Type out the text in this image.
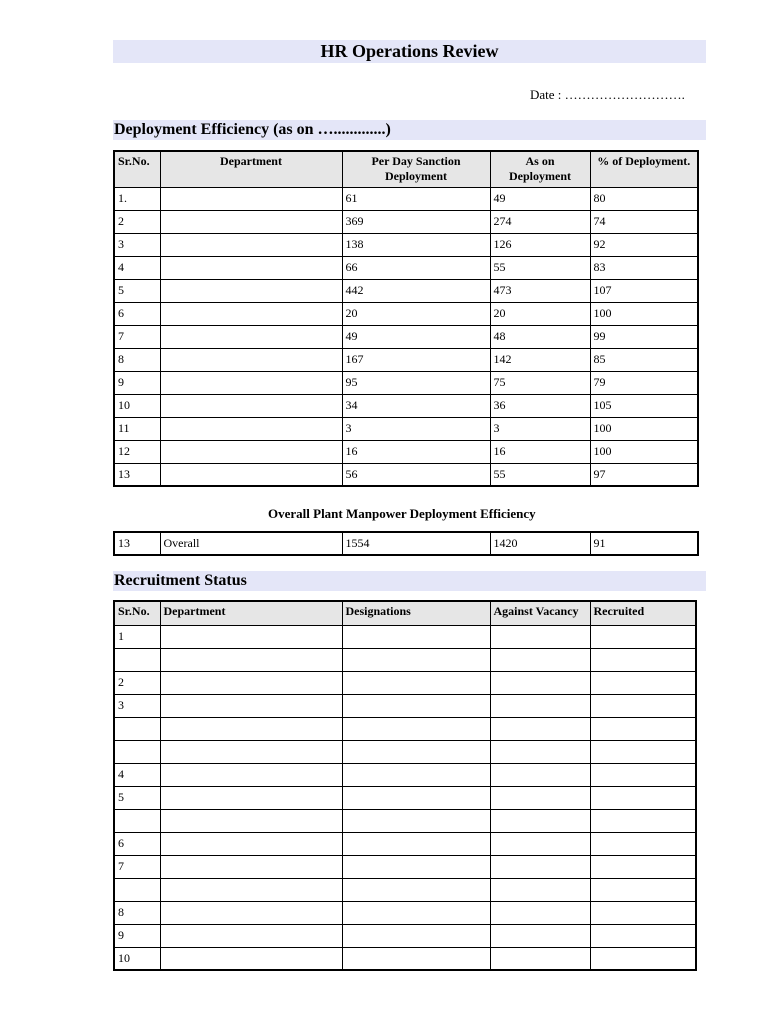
HR Operations Review
Date : ……………………….
Deployment Efficiency (as on ….............)
Sr.No.	Department	Per Day Sanction Deployment	As on Deployment	% of Deployment.
1.		61	49	80
2		369	274	74
3		138	126	92
4		66	55	83
5		442	473	107
6		20	20	100
7		49	48	99
8		167	142	85
9		95	75	79
10		34	36	105
11		3	3	100
12		16	16	100
13		56	55	97
Overall Plant Manpower Deployment Efficiency
13	Overall	1554	1420	91
Recruitment Status
Sr.No.	Department	Designations	Against Vacancy	Recruited
1				

2				
3				

4				
5				

6				
7				

8				
9				
10				
